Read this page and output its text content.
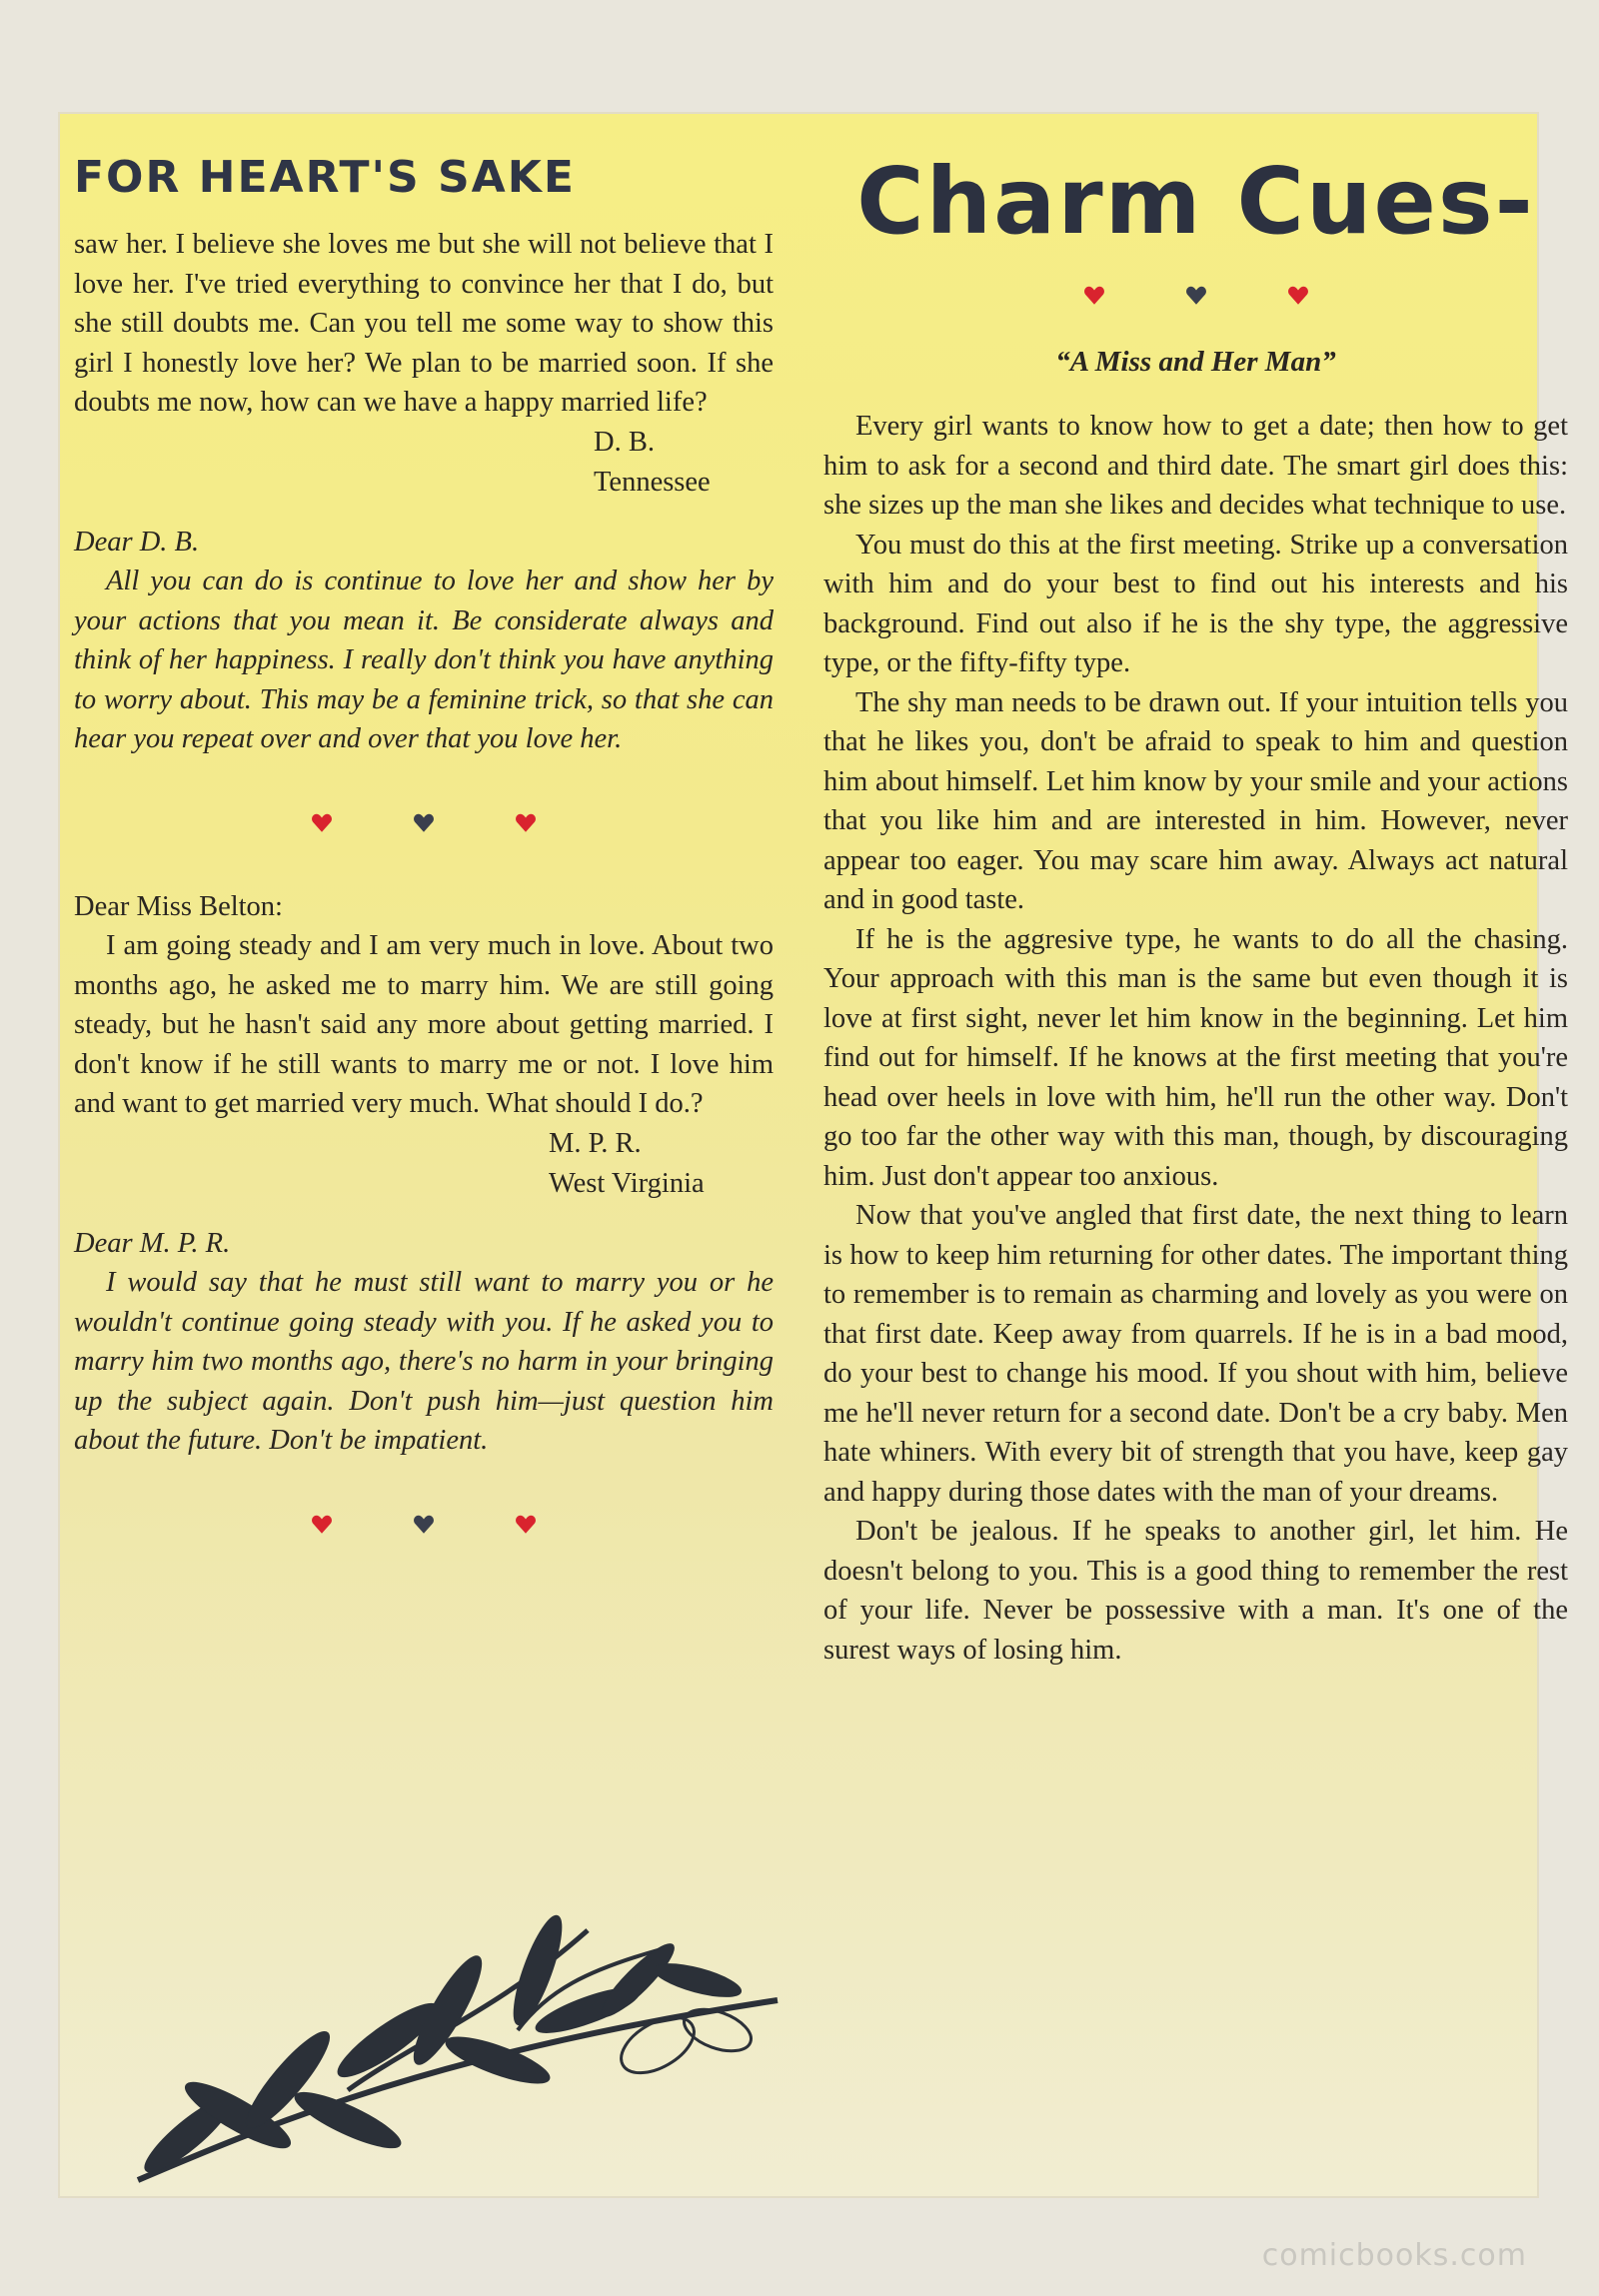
FOR HEART'S SAKE

saw her. I believe she loves me but she will not believe that I love her. I've tried everything to convince her that I do, but she still doubts me. Can you tell me some way to show this girl I honestly love her? We plan to be married soon. If she doubts me now, how can we have a happy married life?

D. B.
Tennessee

Dear D. B.

All you can do is continue to love her and show her by your actions that you mean it. Be considerate always and think of her happiness. I really don't think you have anything to worry about. This may be a feminine trick, so that she can hear you repeat over and over that you love her.

Dear Miss Belton:

I am going steady and I am very much in love. About two months ago, he asked me to marry him. We are still going steady, but he hasn't said any more about getting married. I don't know if he still wants to marry me or not. I love him and want to get married very much. What should I do.?

M. P. R.
West Virginia

Dear M. P. R.

I would say that he must still want to marry you or he wouldn't continue going steady with you. If he asked you to marry him two months ago, there's no harm in your bringing up the subject again. Don't push him—just question him about the future. Don't be impatient.

Charm Cues-
“A Miss and Her Man”

Every girl wants to know how to get a date; then how to get him to ask for a second and third date. The smart girl does this: she sizes up the man she likes and decides what technique to use.

You must do this at the first meeting. Strike up a conversation with him and do your best to find out his interests and his background. Find out also if he is the shy type, the aggressive type, or the fifty-fifty type.

The shy man needs to be drawn out. If your intuition tells you that he likes you, don't be afraid to speak to him and question him about himself. Let him know by your smile and your actions that you like him and are interested in him. However, never appear too eager. You may scare him away. Always act natural and in good taste.

If he is the aggresive type, he wants to do all the chasing. Your approach with this man is the same but even though it is love at first sight, never let him know in the beginning. Let him find out for himself. If he knows at the first meeting that you're head over heels in love with him, he'll run the other way. Don't go too far the other way with this man, though, by discouraging him. Just don't appear too anxious.

Now that you've angled that first date, the next thing to learn is how to keep him returning for other dates. The important thing to remember is to remain as charming and lovely as you were on that first date. Keep away from quarrels. If he is in a bad mood, do your best to change his mood. If you shout with him, believe me he'll never return for a second date. Don't be a cry baby. Men hate whiners. With every bit of strength that you have, keep gay and happy during those dates with the man of your dreams.

Don't be jealous. If he speaks to another girl, let him. He doesn't belong to you. This is a good thing to remember the rest of your life. Never be possessive with a man. It's one of the surest ways of losing him.

comicbooks.com
